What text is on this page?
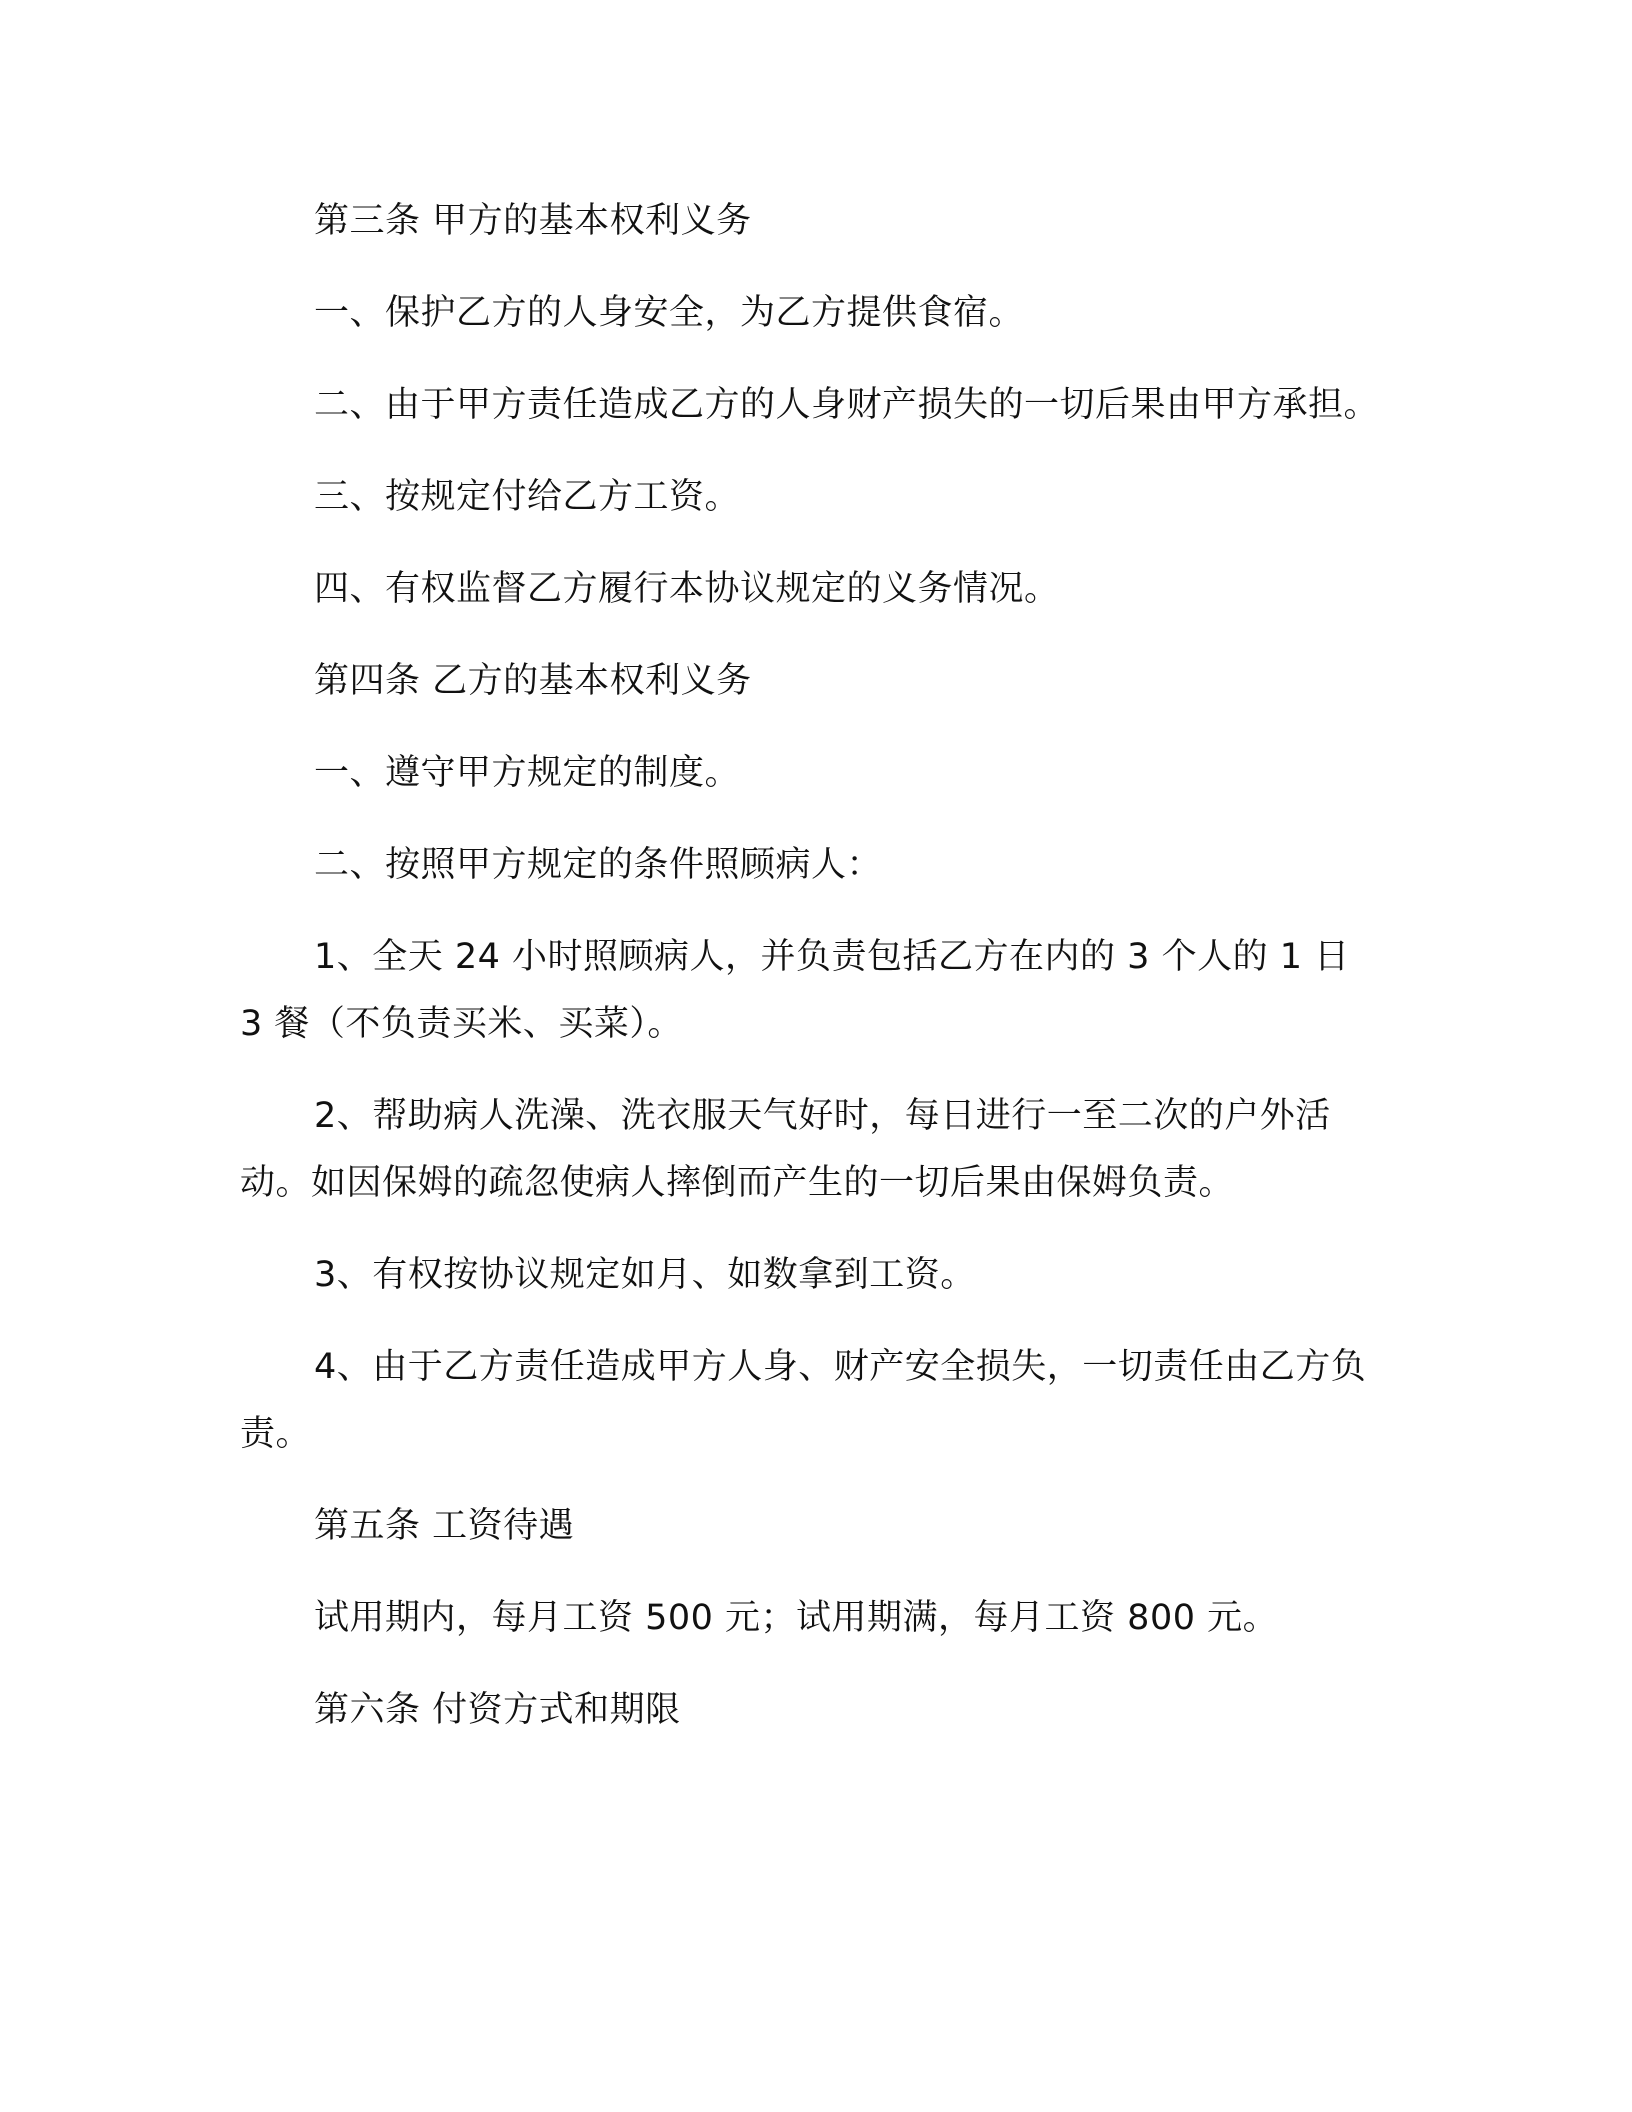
第三条 甲方的基本权利义务

一、保护乙方的人身安全，为乙方提供食宿。

二、由于甲方责任造成乙方的人身财产损失的一切后果由甲方承担。

三、按规定付给乙方工资。

四、有权监督乙方履行本协议规定的义务情况。

第四条 乙方的基本权利义务

一、遵守甲方规定的制度。

二、按照甲方规定的条件照顾病人：

1、全天 24 小时照顾病人，并负责包括乙方在内的 3 个人的 1 日 3 餐（不负责买米、买菜）。

2、帮助病人洗澡、洗衣服天气好时，每日进行一至二次的户外活动。如因保姆的疏忽使病人摔倒而产生的一切后果由保姆负责。

3、有权按协议规定如月、如数拿到工资。

4、由于乙方责任造成甲方人身、财产安全损失，一切责任由乙方负责。

第五条 工资待遇

试用期内，每月工资 500 元；试用期满，每月工资 800 元。

第六条 付资方式和期限
